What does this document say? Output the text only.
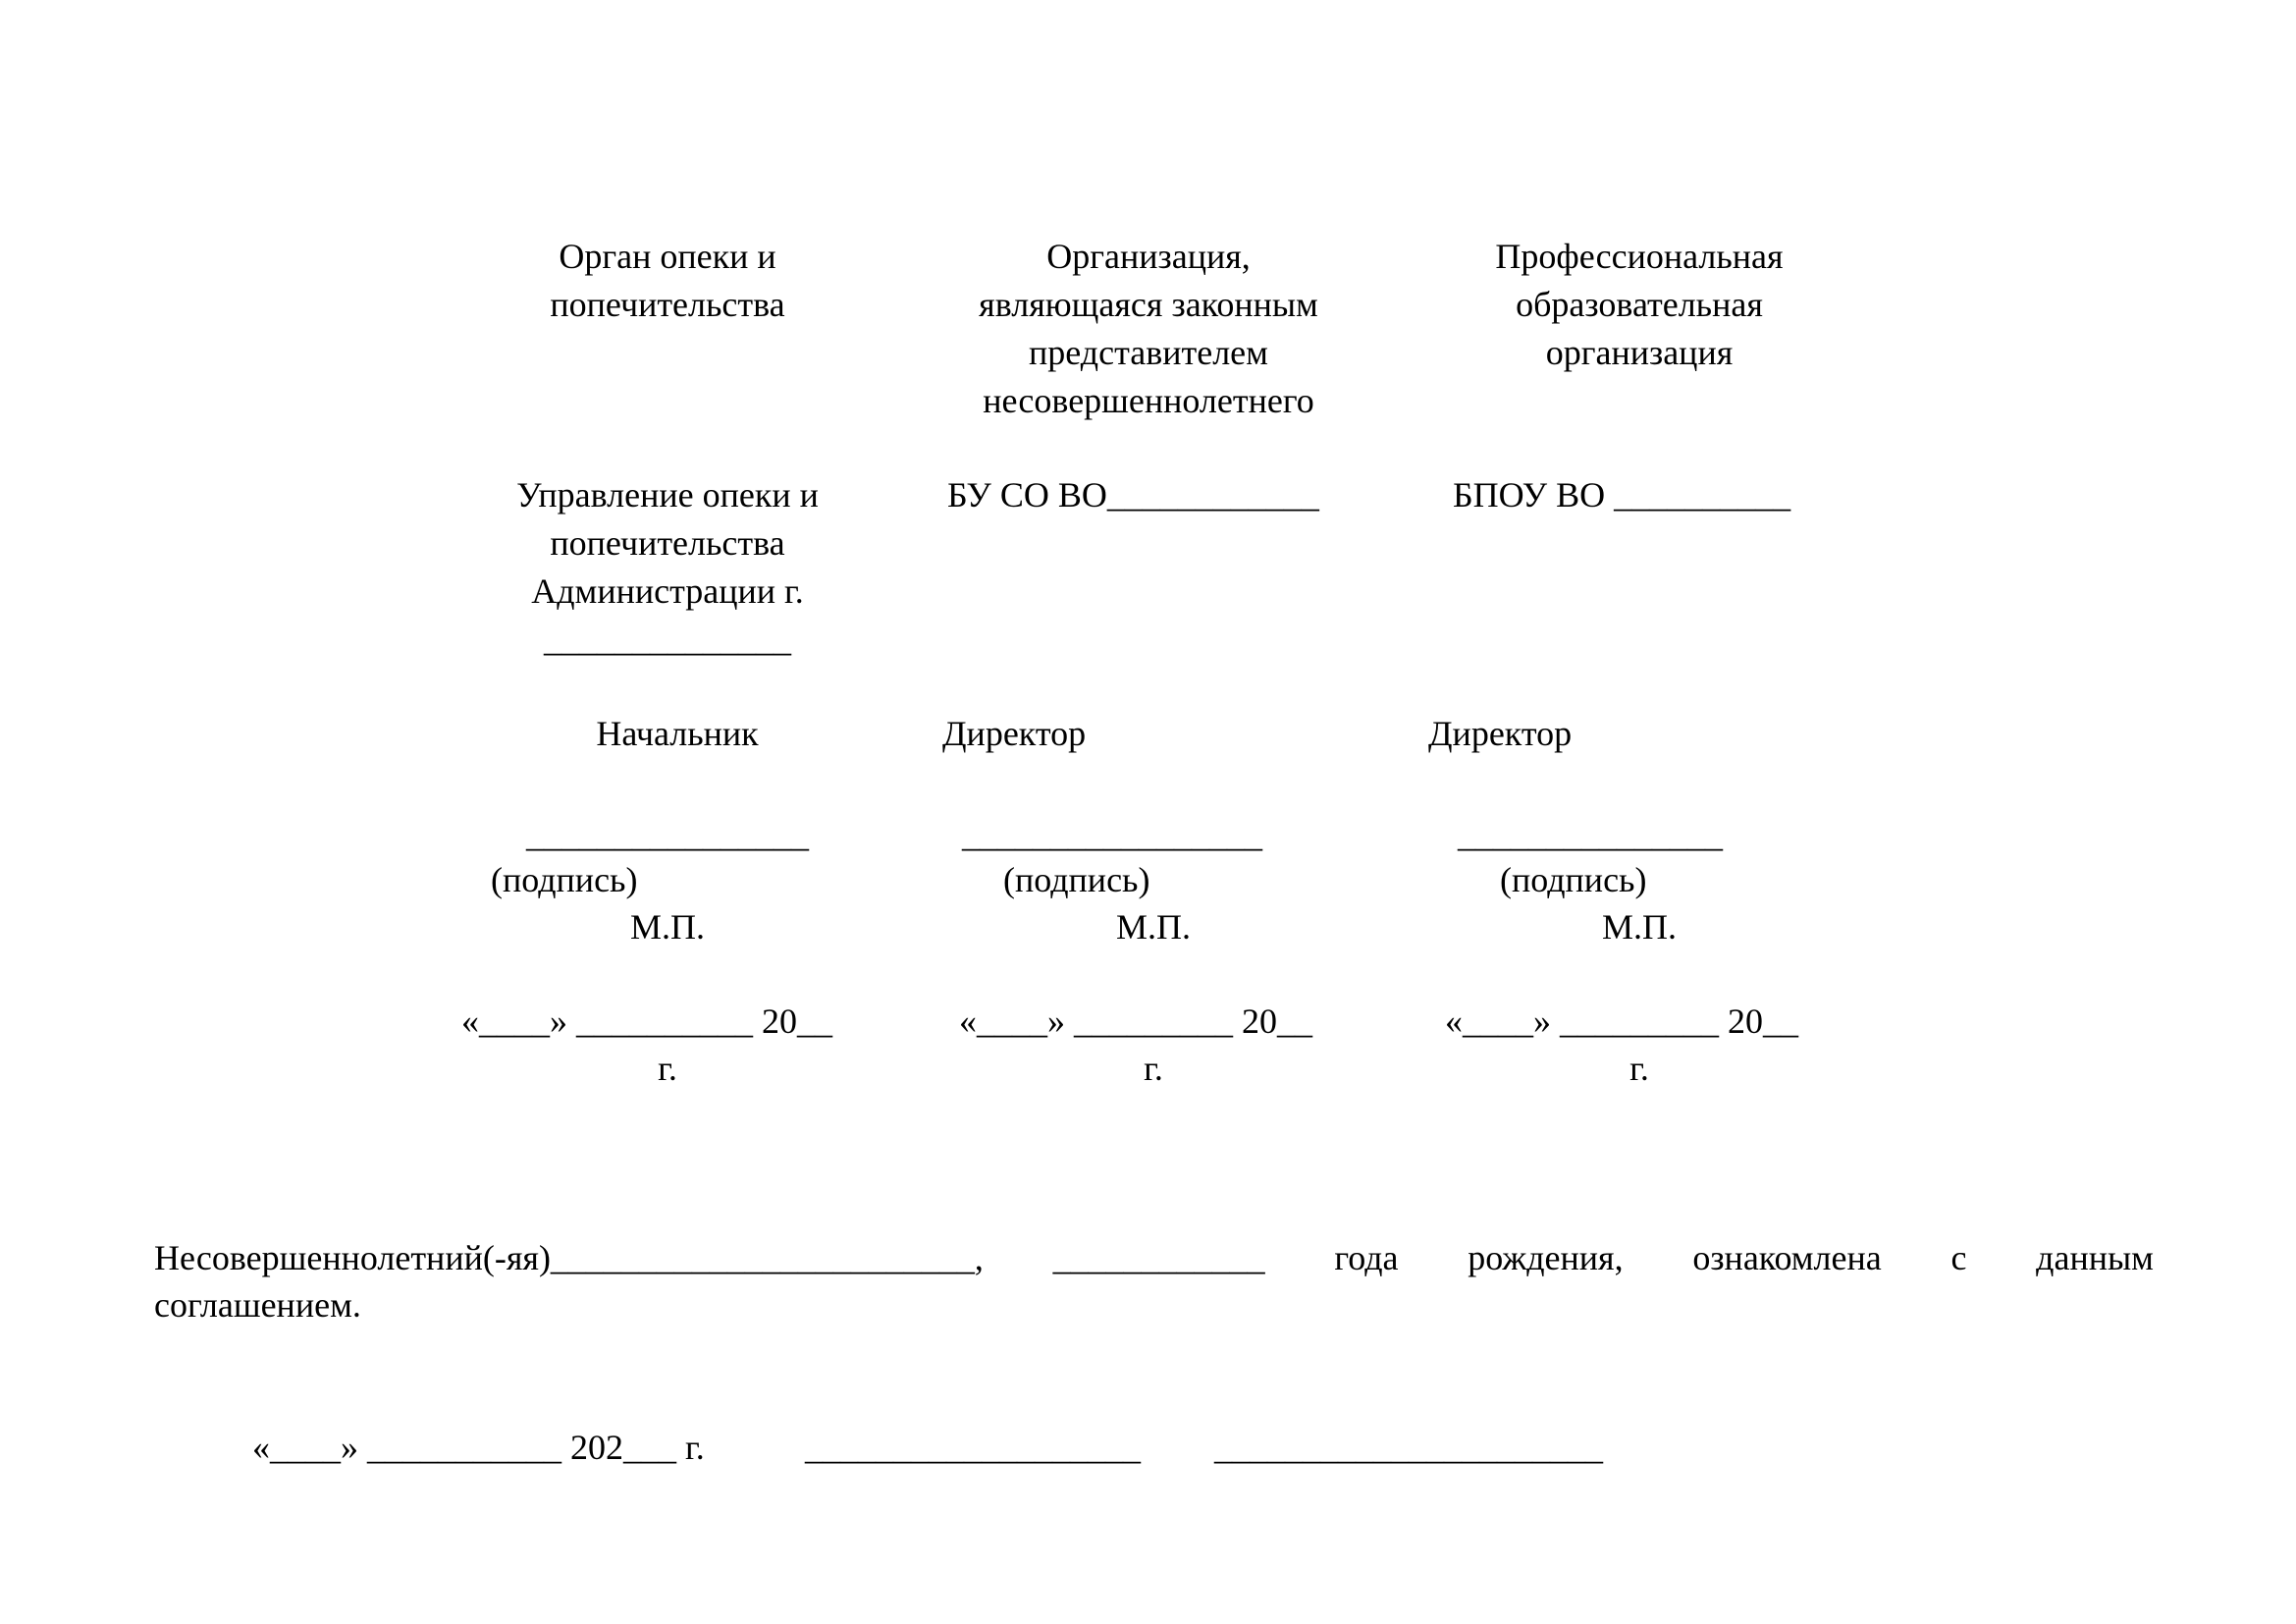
Орган опеки и
попечительства
Управление опеки и
попечительства
Администрации г.
______________
Начальник
________________
(подпись)
М.П.
«____» __________ 20__
г.
Организация,
являющаяся законным
представителем
несовершеннолетнего
БУ СО ВО____________
Директор
_________________
(подпись)
М.П.
«____» _________ 20__
г.
Профессиональная
образовательная
организация
БПОУ ВО __________
Директор
_______________
(подпись)
М.П.
«____» _________ 20__
г.
Несовершеннолетний(-яя)________________________, ____________ года рождения, ознакомлена с данным
соглашением.
«____» ___________ 202___ г.	___________________ ______________________
